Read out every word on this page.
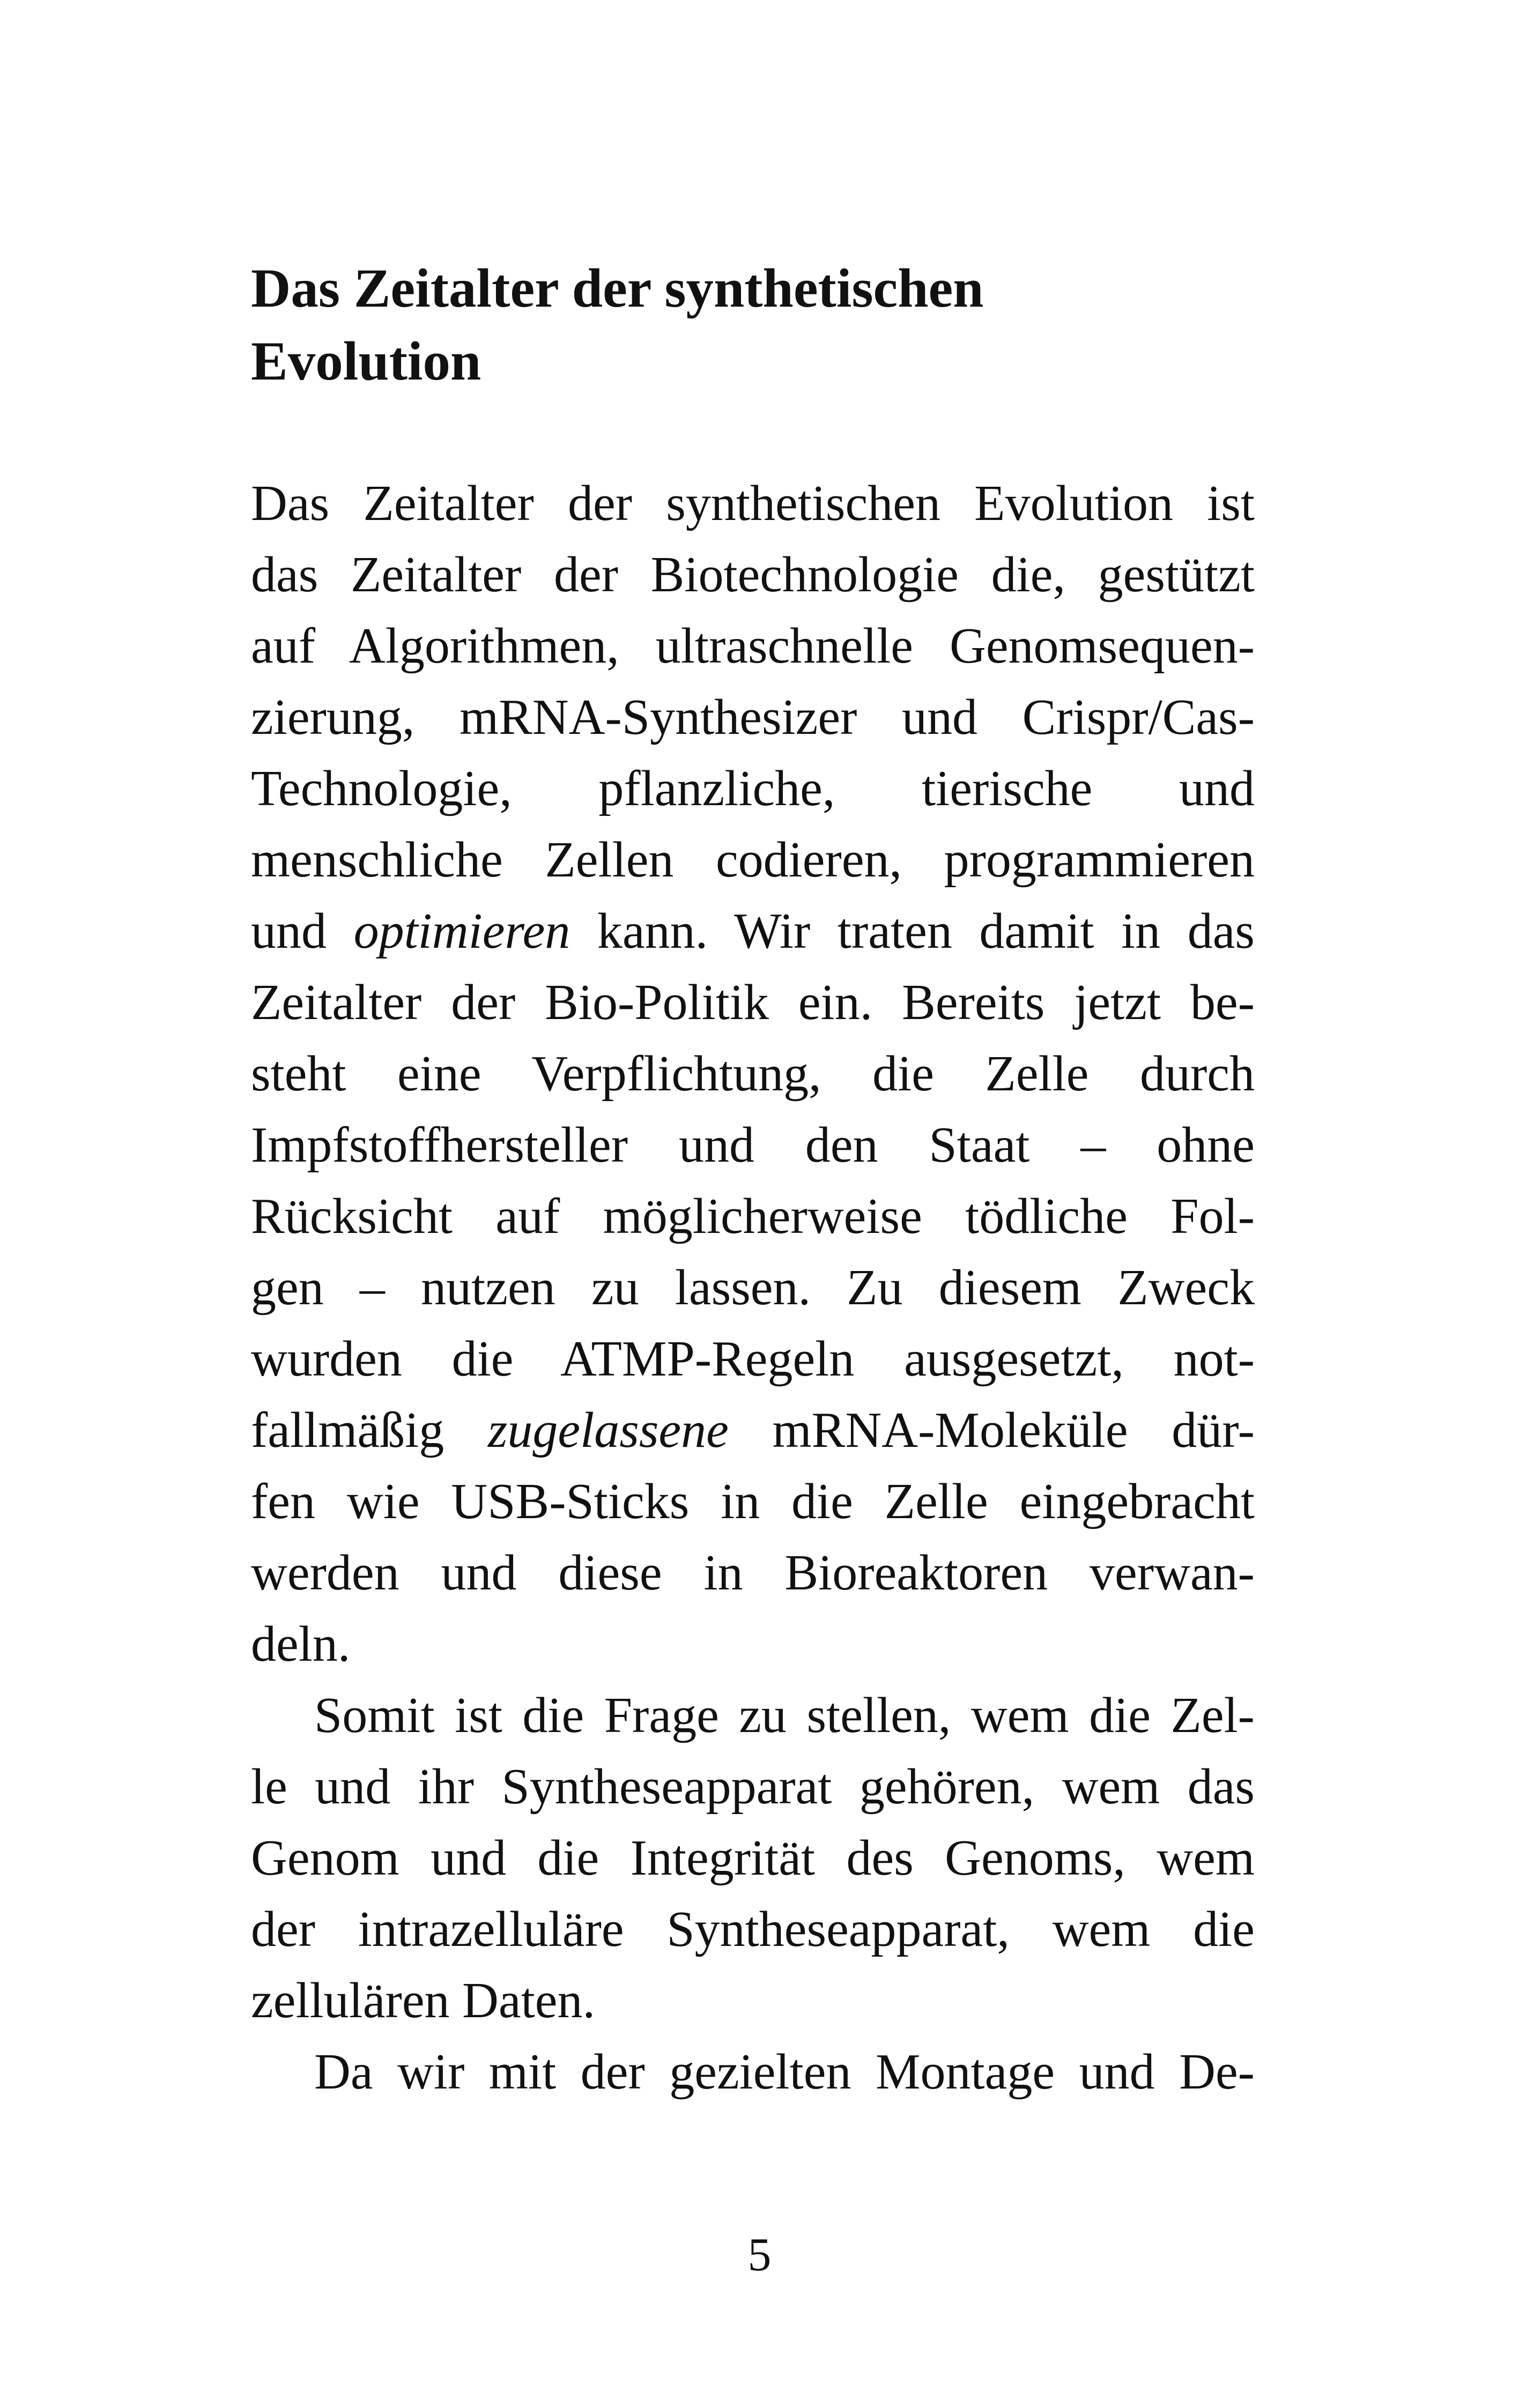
Das Zeitalter der synthetischen
Evolution
Das Zeitalter der synthetischen Evolution ist
das Zeitalter der Biotechnologie die, gestützt
auf Algorithmen, ultraschnelle Genomsequen-
zierung, mRNA-Synthesizer und Crispr/Cas-
Technologie, pflanzliche, tierische und
menschliche Zellen codieren, programmieren
und optimieren kann. Wir traten damit in das
Zeitalter der Bio-Politik ein. Bereits jetzt be-
steht eine Verpflichtung, die Zelle durch
Impfstoffhersteller und den Staat – ohne
Rücksicht auf möglicherweise tödliche Fol-
gen – nutzen zu lassen. Zu diesem Zweck
wurden die ATMP-Regeln ausgesetzt, not-
fallmäßig zugelassene mRNA-Moleküle dür-
fen wie USB-Sticks in die Zelle eingebracht
werden und diese in Bioreaktoren verwan-
deln.
Somit ist die Frage zu stellen, wem die Zel-
le und ihr Syntheseapparat gehören, wem das
Genom und die Integrität des Genoms, wem
der intrazelluläre Syntheseapparat, wem die
zellulären Daten.
Da wir mit der gezielten Montage und De-
5
